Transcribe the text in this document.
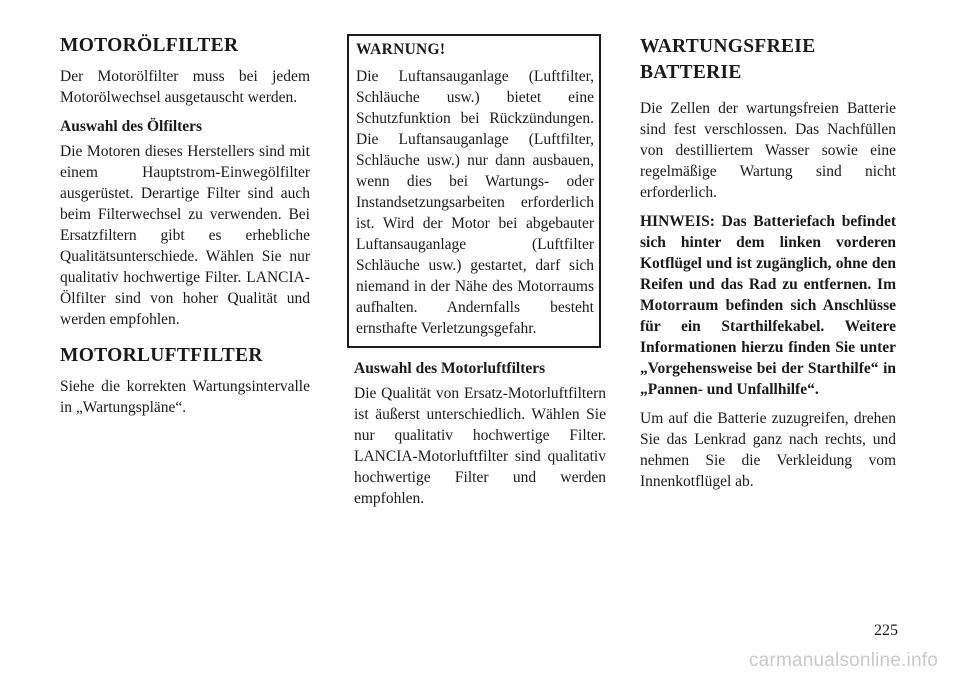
MOTORÖLFILTER

Der Motorölfilter muss bei jedem Motorölwechsel ausgetauscht werden.

Auswahl des Ölfilters

Die Motoren dieses Herstellers sind mit einem Hauptstrom-Einwegölfilter ausgerüstet. Derartige Filter sind auch beim Filterwechsel zu verwenden. Bei Ersatzfiltern gibt es erhebliche Qualitätsunterschiede. Wählen Sie nur qualitativ hochwertige Filter. LANCIA-Ölfilter sind von hoher Qualität und werden empfohlen.

MOTORLUFTFILTER

Siehe die korrekten Wartungsintervalle in „Wartungspläne“.

WARNUNG!

Die Luftansauganlage (Luftfilter, Schläuche usw.) bietet eine Schutzfunktion bei Rückzündungen. Die Luftansauganlage (Luftfilter, Schläuche usw.) nur dann ausbauen, wenn dies bei Wartungs- oder Instandsetzungsarbeiten erforderlich ist. Wird der Motor bei abgebauter Luftansauganlage (Luftfilter Schläuche usw.) gestartet, darf sich niemand in der Nähe des Motorraums aufhalten. Andernfalls besteht ernsthafte Verletzungsgefahr.

Auswahl des Motorluftfilters

Die Qualität von Ersatz-Motorluftfiltern ist äußerst unterschiedlich. Wählen Sie nur qualitativ hochwertige Filter. LANCIA-Motorluftfilter sind qualitativ hochwertige Filter und werden empfohlen.

WARTUNGSFREIE BATTERIE

Die Zellen der wartungsfreien Batterie sind fest verschlossen. Das Nachfüllen von destilliertem Wasser sowie eine regelmäßige Wartung sind nicht erforderlich.

HINWEIS: Das Batteriefach befindet sich hinter dem linken vorderen Kotflügel und ist zugänglich, ohne den Reifen und das Rad zu entfernen. Im Motorraum befinden sich Anschlüsse für ein Starthilfekabel. Weitere Informationen hierzu finden Sie unter „Vorgehensweise bei der Starthilfe“ in „Pannen- und Unfallhilfe“.

Um auf die Batterie zuzugreifen, drehen Sie das Lenkrad ganz nach rechts, und nehmen Sie die Verkleidung vom Innenkotflügel ab.

225
carmanualsonline.info
